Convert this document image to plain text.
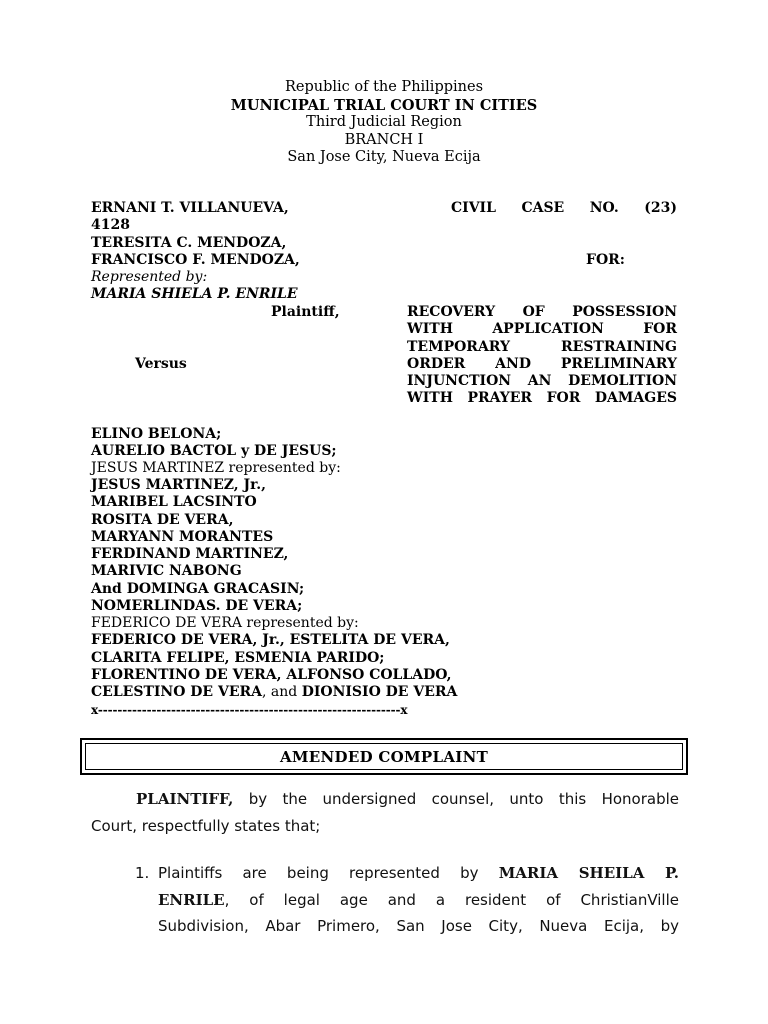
Republic of the Philippines
MUNICIPAL TRIAL COURT IN CITIES
Third Judicial Region
BRANCH I
San Jose City, Nueva Ecija
ERNANI T. VILLANUEVA,
4128
TERESITA C. MENDOZA,
FRANCISCO F. MENDOZA,
Represented by:
MARIA SHIELA P. ENRILE
Plaintiff,
Versus
CIVIL CASE NO. (23)
FOR:
RECOVERY OF POSSESSION
WITH APPLICATION FOR
TEMPORARY RESTRAINING
ORDER AND PRELIMINARY
INJUNCTION AN DEMOLITION
WITH PRAYER FOR DAMAGES
ELINO BELONA;
AURELIO BACTOL y DE JESUS;
JESUS MARTINEZ represented by:
JESUS MARTINEZ, Jr.,
MARIBEL LACSINTO
ROSITA DE VERA,
MARYANN MORANTES
FERDINAND MARTINEZ,
MARIVIC NABONG
And DOMINGA GRACASIN;
NOMERLINDAS. DE VERA;
FEDERICO DE VERA represented by:
FEDERICO DE VERA, Jr., ESTELITA DE VERA,
CLARITA FELIPE, ESMENIA PARIDO;
FLORENTINO DE VERA, ALFONSO COLLADO,
CELESTINO DE VERA, and DIONISIO DE VERA
x--------------------------------------------------------------x
AMENDED COMPLAINT
PLAINTIFF, by the undersigned counsel, unto this Honorable
Court, respectfully states that;
1. Plaintiffs are being represented by MARIA SHEILA P.
ENRILE, of legal age and a resident of ChristianVille
Subdivision, Abar Primero, San Jose City, Nueva Ecija, by
